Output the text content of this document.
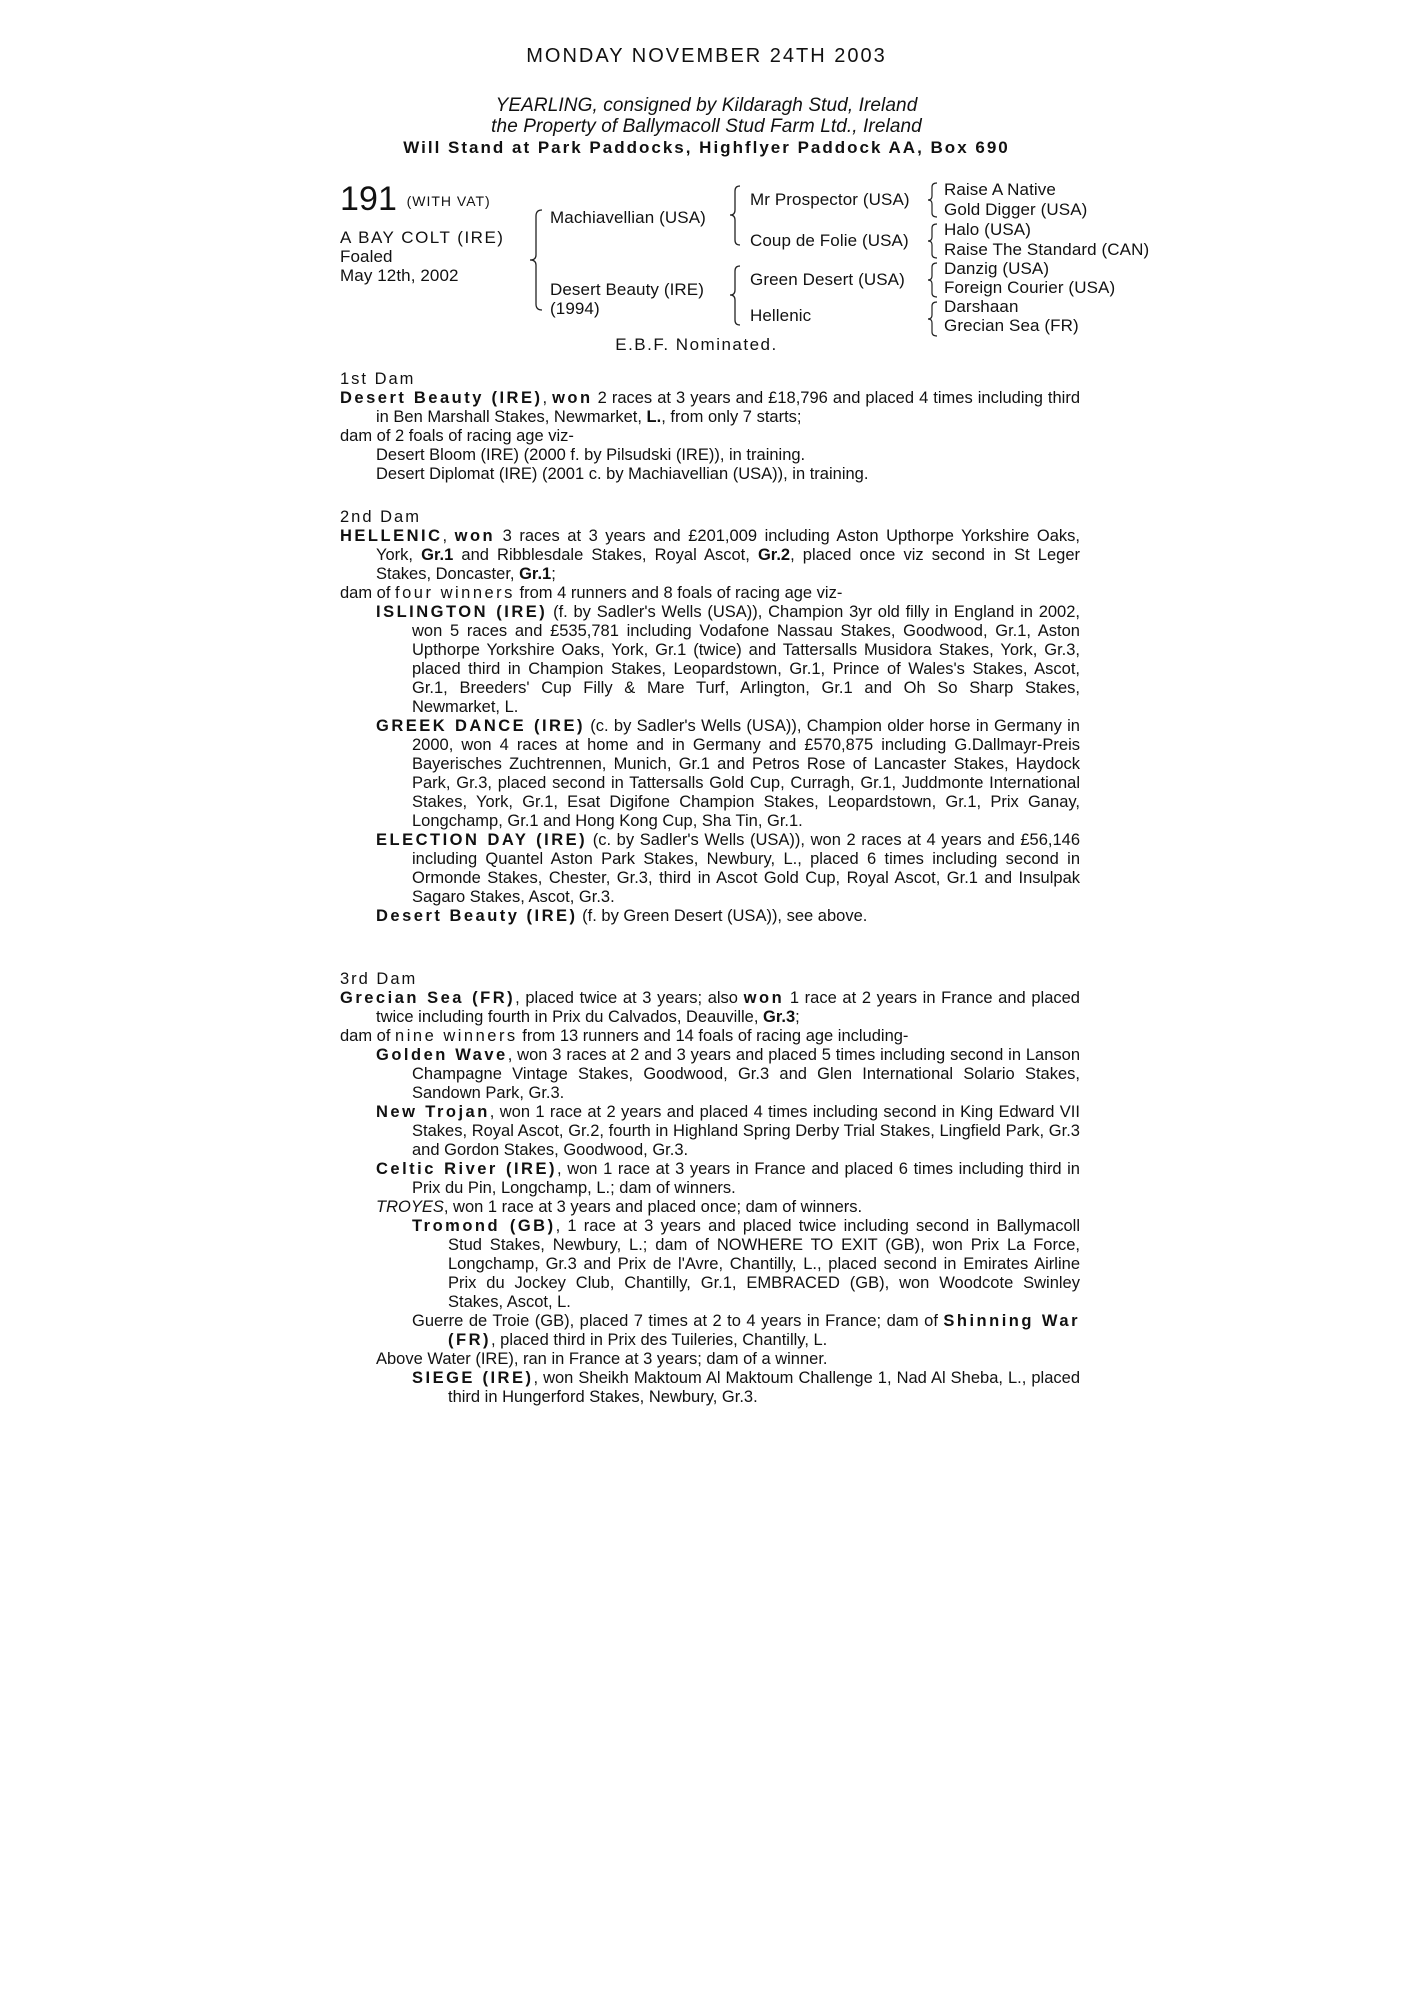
MONDAY NOVEMBER 24TH 2003
YEARLING, consigned by Kildaragh Stud, Ireland
the Property of Ballymacoll Stud Farm Ltd., Ireland
Will Stand at Park Paddocks, Highflyer Paddock AA, Box 690
191 (WITH VAT)
A BAY COLT (IRE)
Foaled
May 12th, 2002
Machiavellian (USA)
Desert Beauty (IRE)
(1994)
Mr Prospector (USA)
Coup de Folie (USA)
Green Desert (USA)
Hellenic
Raise A Native
Gold Digger (USA)
Halo (USA)
Raise The Standard (CAN)
Danzig (USA)
Foreign Courier (USA)
Darshaan
Grecian Sea (FR)
E.B.F. Nominated.

1st Dam

Desert Beauty (IRE), won 2 races at 3 years and £18,796 and placed 4 times including third in Ben Marshall Stakes, Newmarket, L., from only 7 starts;

dam of 2 foals of racing age viz-

Desert Bloom (IRE) (2000 f. by Pilsudski (IRE)), in training.

Desert Diplomat (IRE) (2001 c. by Machiavellian (USA)), in training.

2nd Dam

HELLENIC, won 3 races at 3 years and £201,009 including Aston Upthorpe Yorkshire Oaks, York, Gr.1 and Ribblesdale Stakes, Royal Ascot, Gr.2, placed once viz second in St Leger Stakes, Doncaster, Gr.1;

dam of four winners from 4 runners and 8 foals of racing age viz-

ISLINGTON (IRE) (f. by Sadler's Wells (USA)), Champion 3yr old filly in England in 2002, won 5 races and £535,781 including Vodafone Nassau Stakes, Goodwood, Gr.1, Aston Upthorpe Yorkshire Oaks, York, Gr.1 (twice) and Tattersalls Musidora Stakes, York, Gr.3, placed third in Champion Stakes, Leopardstown, Gr.1, Prince of Wales's Stakes, Ascot, Gr.1, Breeders' Cup Filly & Mare Turf, Arlington, Gr.1 and Oh So Sharp Stakes, Newmarket, L.

GREEK DANCE (IRE) (c. by Sadler's Wells (USA)), Champion older horse in Germany in 2000, won 4 races at home and in Germany and £570,875 including G.Dallmayr-Preis Bayerisches Zuchtrennen, Munich, Gr.1 and Petros Rose of Lancaster Stakes, Haydock Park, Gr.3, placed second in Tattersalls Gold Cup, Curragh, Gr.1, Juddmonte International Stakes, York, Gr.1, Esat Digifone Champion Stakes, Leopardstown, Gr.1, Prix Ganay, Longchamp, Gr.1 and Hong Kong Cup, Sha Tin, Gr.1.

ELECTION DAY (IRE) (c. by Sadler's Wells (USA)), won 2 races at 4 years and £56,146 including Quantel Aston Park Stakes, Newbury, L., placed 6 times including second in Ormonde Stakes, Chester, Gr.3, third in Ascot Gold Cup, Royal Ascot, Gr.1 and Insulpak Sagaro Stakes, Ascot, Gr.3.

Desert Beauty (IRE) (f. by Green Desert (USA)), see above.

3rd Dam

Grecian Sea (FR), placed twice at 3 years; also won 1 race at 2 years in France and placed twice including fourth in Prix du Calvados, Deauville, Gr.3;

dam of nine winners from 13 runners and 14 foals of racing age including-

Golden Wave, won 3 races at 2 and 3 years and placed 5 times including second in Lanson Champagne Vintage Stakes, Goodwood, Gr.3 and Glen International Solario Stakes, Sandown Park, Gr.3.

New Trojan, won 1 race at 2 years and placed 4 times including second in King Edward VII Stakes, Royal Ascot, Gr.2, fourth in Highland Spring Derby Trial Stakes, Lingfield Park, Gr.3 and Gordon Stakes, Goodwood, Gr.3.

Celtic River (IRE), won 1 race at 3 years in France and placed 6 times including third in Prix du Pin, Longchamp, L.; dam of winners.

TROYES, won 1 race at 3 years and placed once; dam of winners.

Tromond (GB), 1 race at 3 years and placed twice including second in Ballymacoll Stud Stakes, Newbury, L.; dam of NOWHERE TO EXIT (GB), won Prix La Force, Longchamp, Gr.3 and Prix de l'Avre, Chantilly, L., placed second in Emirates Airline Prix du Jockey Club, Chantilly, Gr.1, EMBRACED (GB), won Woodcote Swinley Stakes, Ascot, L.

Guerre de Troie (GB), placed 7 times at 2 to 4 years in France; dam of Shinning War (FR), placed third in Prix des Tuileries, Chantilly, L.

Above Water (IRE), ran in France at 3 years; dam of a winner.

SIEGE (IRE), won Sheikh Maktoum Al Maktoum Challenge 1, Nad Al Sheba, L., placed third in Hungerford Stakes, Newbury, Gr.3.
